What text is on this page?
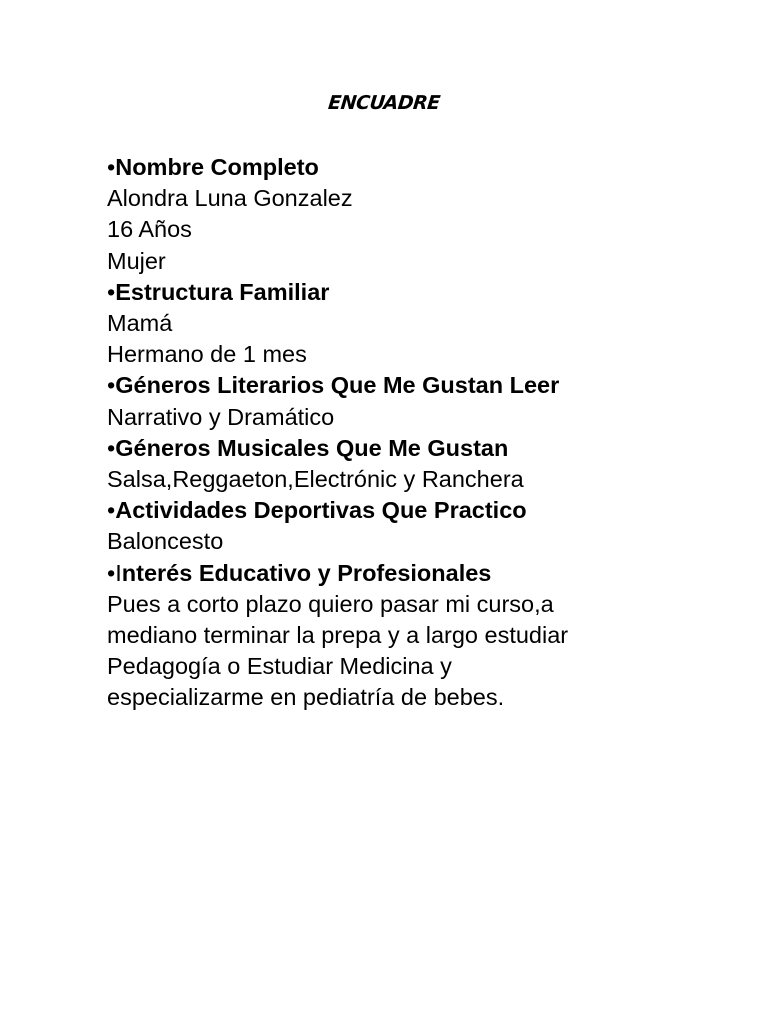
ENCUADRE
•Nombre Completo
Alondra Luna Gonzalez
16 Años
Mujer
•Estructura Familiar
Mamá
Hermano de 1 mes
•Géneros Literarios Que Me Gustan Leer
Narrativo y Dramático
•Géneros Musicales Que Me Gustan
Salsa,Reggaeton,Electrónic y Ranchera
•Actividades Deportivas Que Practico
Baloncesto
•Interés Educativo y Profesionales
Pues a corto plazo quiero pasar mi curso,a
mediano terminar la prepa y a largo estudiar
Pedagogía o Estudiar Medicina y
especializarme en pediatría de bebes.
